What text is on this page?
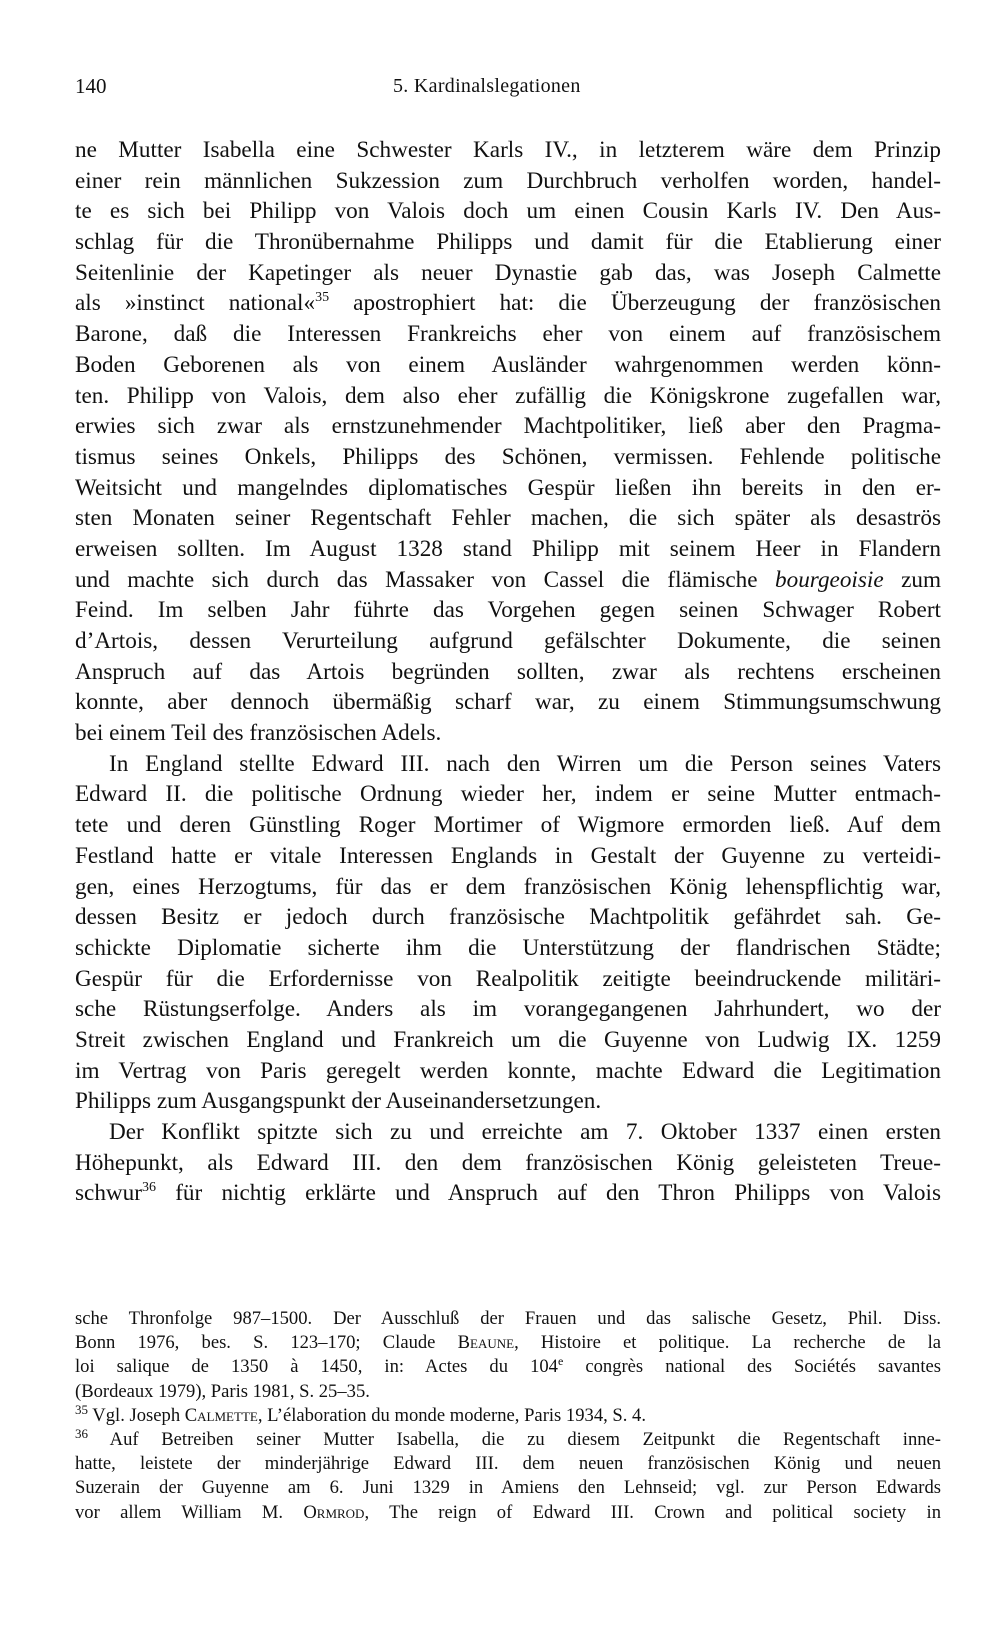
140	5. Kardinalslegationen
ne Mutter Isabella eine Schwester Karls IV., in letzterem wäre dem Prinzip
einer rein männlichen Sukzession zum Durchbruch verholfen worden, handel-
te es sich bei Philipp von Valois doch um einen Cousin Karls IV. Den Aus-
schlag für die Thronübernahme Philipps und damit für die Etablierung einer
Seitenlinie der Kapetinger als neuer Dynastie gab das, was Joseph Calmette
als »instinct national«$^{35}$ apostrophiert hat: die Überzeugung der französischen
Barone, daß die Interessen Frankreichs eher von einem auf französischem
Boden Geborenen als von einem Ausländer wahrgenommen werden könn-
ten. Philipp von Valois, dem also eher zufällig die Königskrone zugefallen war,
erwies sich zwar als ernstzunehmender Machtpolitiker, ließ aber den Pragma-
tismus seines Onkels, Philipps des Schönen, vermissen. Fehlende politische
Weitsicht und mangelndes diplomatisches Gespür ließen ihn bereits in den er-
sten Monaten seiner Regentschaft Fehler machen, die sich später als desaströs
erweisen sollten. Im August 1328 stand Philipp mit seinem Heer in Flandern
und machte sich durch das Massaker von Cassel die flämische bourgeoisie zum
Feind. Im selben Jahr führte das Vorgehen gegen seinen Schwager Robert
d’Artois, dessen Verurteilung aufgrund gefälschter Dokumente, die seinen
Anspruch auf das Artois begründen sollten, zwar als rechtens erscheinen
konnte, aber dennoch übermäßig scharf war, zu einem Stimmungsumschwung
bei einem Teil des französischen Adels.
In England stellte Edward III. nach den Wirren um die Person seines Vaters
Edward II. die politische Ordnung wieder her, indem er seine Mutter entmach-
tete und deren Günstling Roger Mortimer of Wigmore ermorden ließ. Auf dem
Festland hatte er vitale Interessen Englands in Gestalt der Guyenne zu verteidi-
gen, eines Herzogtums, für das er dem französischen König lehenspflichtig war,
dessen Besitz er jedoch durch französische Machtpolitik gefährdet sah. Ge-
schickte Diplomatie sicherte ihm die Unterstützung der flandrischen Städte;
Gespür für die Erfordernisse von Realpolitik zeitigte beeindruckende militäri-
sche Rüstungserfolge. Anders als im vorangegangenen Jahrhundert, wo der
Streit zwischen England und Frankreich um die Guyenne von Ludwig IX. 1259
im Vertrag von Paris geregelt werden konnte, machte Edward die Legitimation
Philipps zum Ausgangspunkt der Auseinandersetzungen.
Der Konflikt spitzte sich zu und erreichte am 7. Oktober 1337 einen ersten
Höhepunkt, als Edward III. den dem französischen König geleisteten Treue-
schwur$^{36}$ für nichtig erklärte und Anspruch auf den Thron Philipps von Valois
sche Thronfolge 987–1500. Der Ausschluß der Frauen und das salische Gesetz, Phil. Diss.
Bonn 1976, bes. S. 123–170; Claude Beaune, Histoire et politique. La recherche de la
loi salique de 1350 à 1450, in: Actes du 104e congrès national des Sociétés savantes
(Bordeaux 1979), Paris 1981, S. 25–35.
$^{35}$ Vgl. Joseph Calmette, L’élaboration du monde moderne, Paris 1934, S. 4.
$^{36}$ Auf Betreiben seiner Mutter Isabella, die zu diesem Zeitpunkt die Regentschaft inne-
hatte, leistete der minderjährige Edward III. dem neuen französischen König und neuen
Suzerain der Guyenne am 6. Juni 1329 in Amiens den Lehnseid; vgl. zur Person Edwards
vor allem William M. Ormrod, The reign of Edward III. Crown and political society in
